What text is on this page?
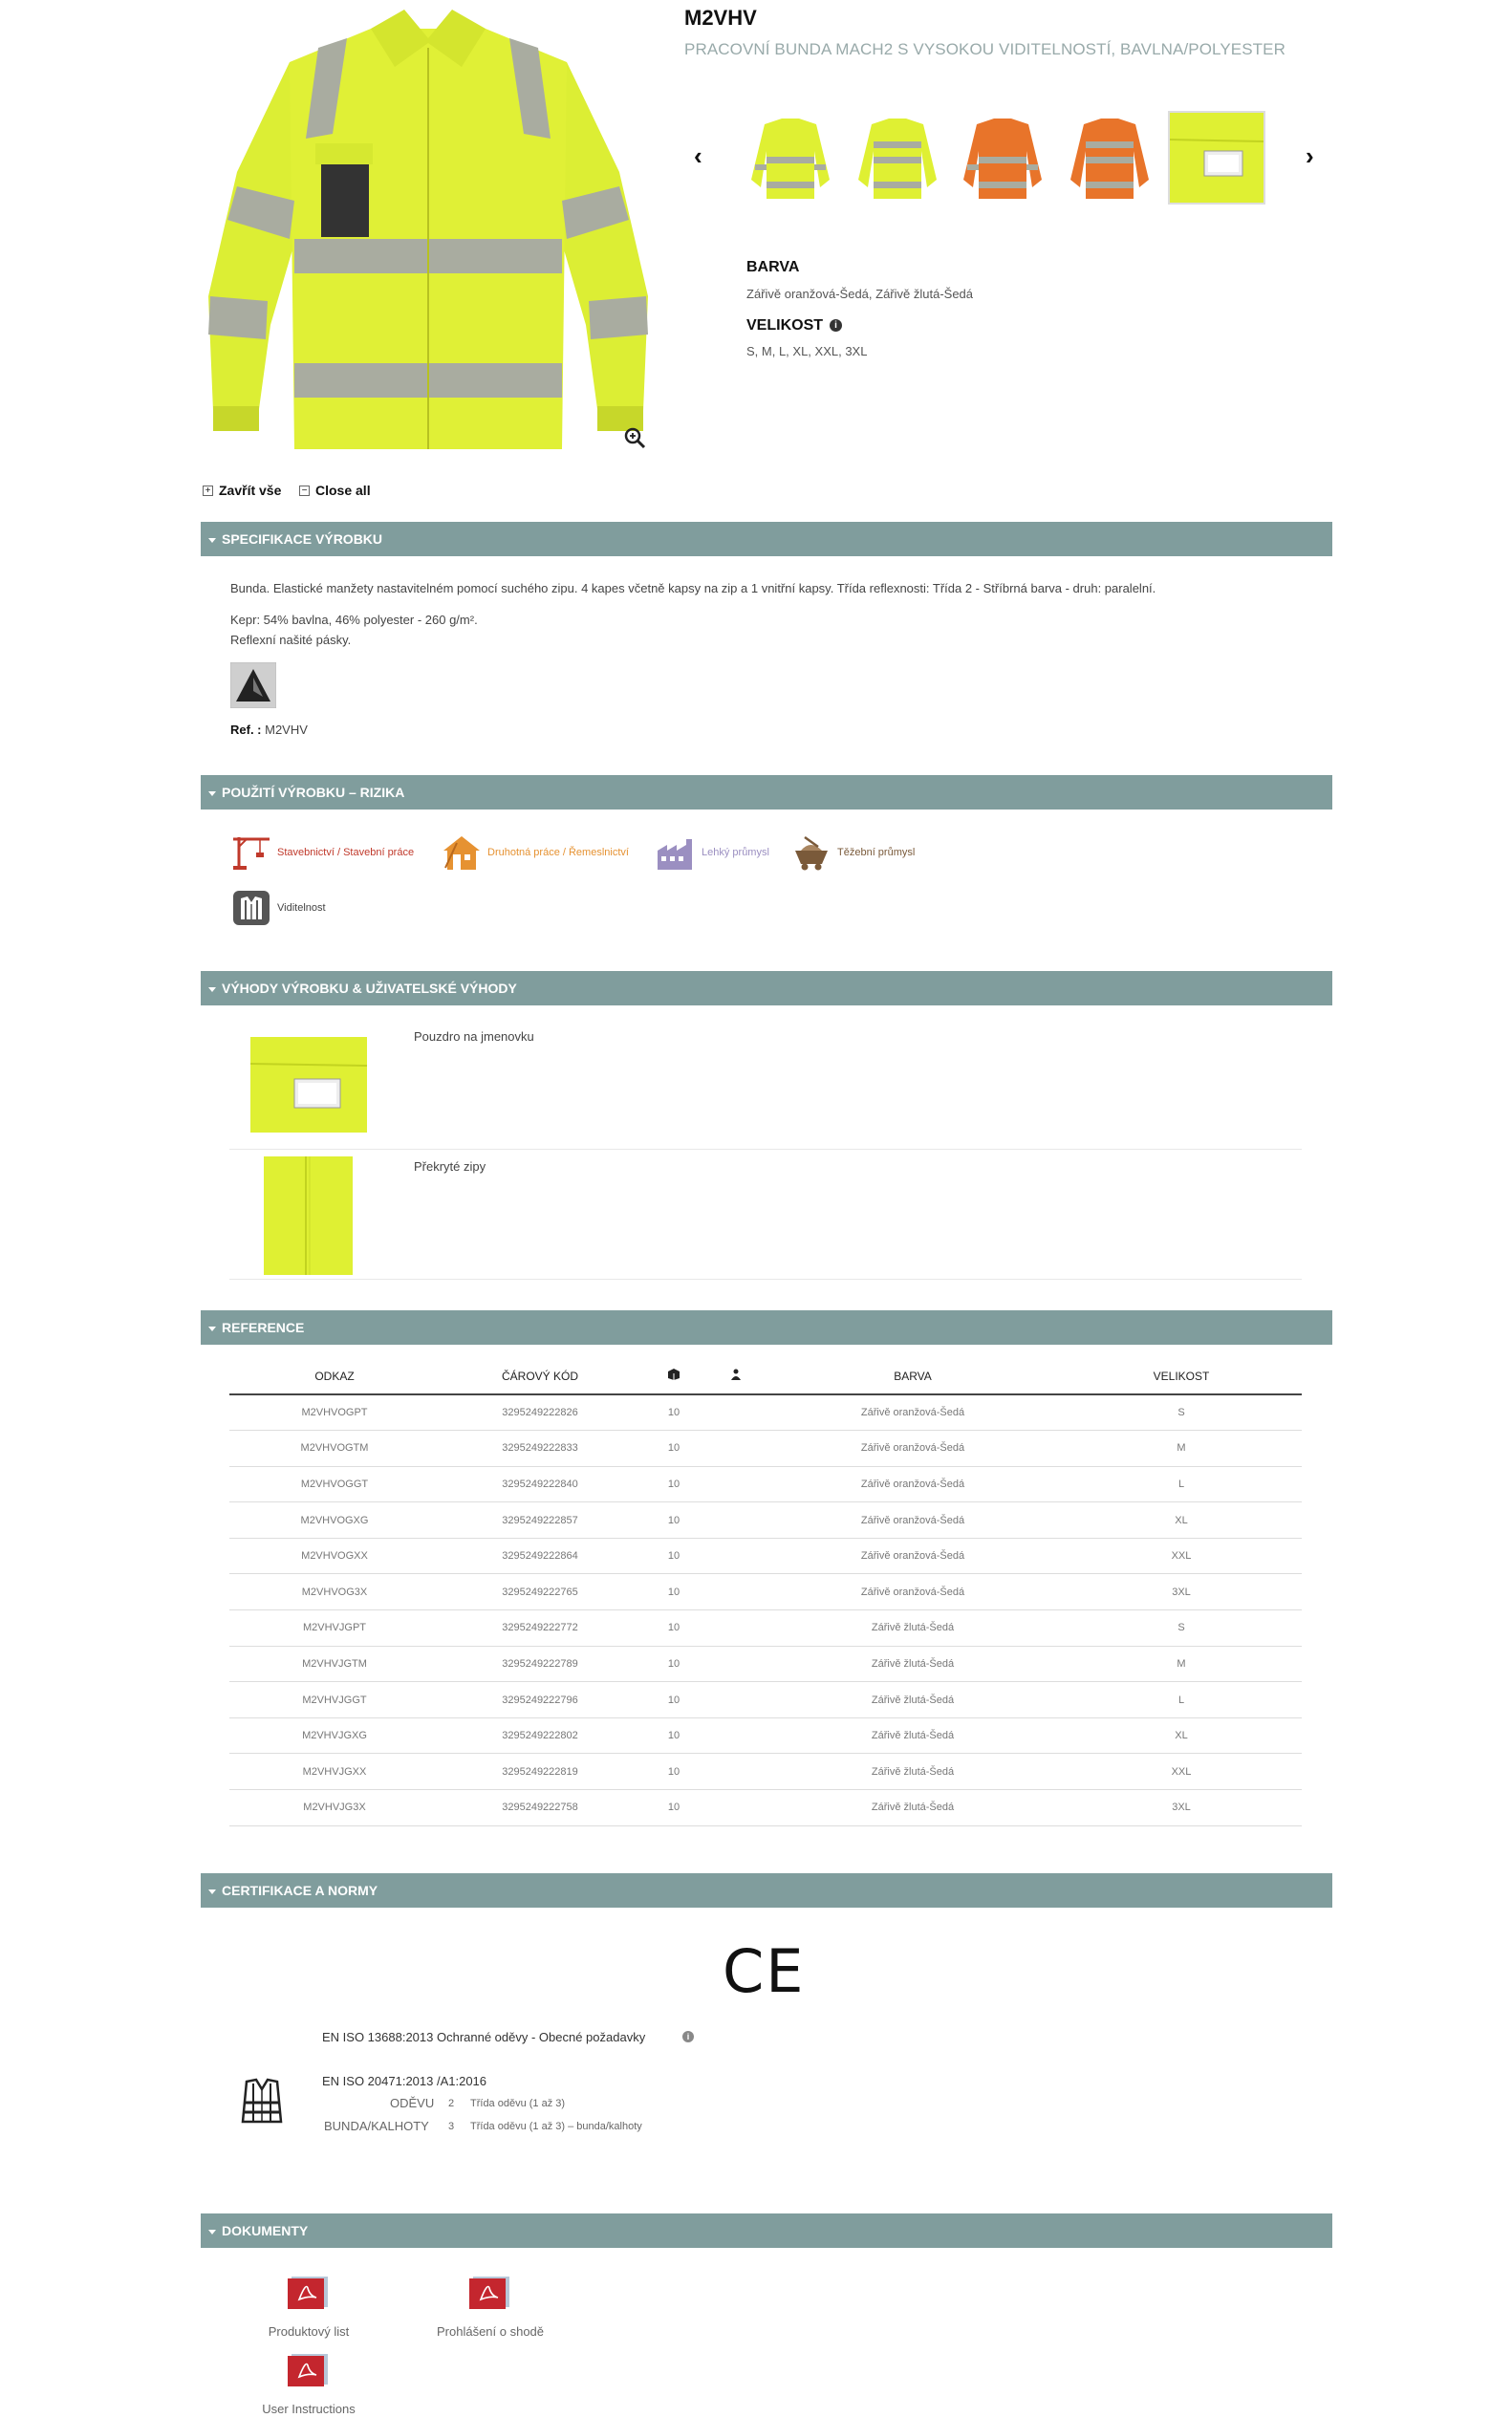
M2VHV
PRACOVNÍ BUNDA MACH2 S VYSOKOU VIDITELNOSTÍ, BAVLNA/POLYESTER
‹	›
BARVA
Zářivě oranžová-Šedá, Zářivě žlutá-Šedá
VELIKOST	i
S, M, L, XL, XXL, 3XL
+ Zavřít vše − Close all
SPECIFIKACE VÝROBKU
Bunda. Elastické manžety nastavitelném pomocí suchého zipu. 4 kapes včetně kapsy na zip a 1 vnitřní kapsy. Třída reflexnosti: Třída 2 - Stříbrná barva - druh: paralelní.
Kepr: 54% bavlna, 46% polyester - 260 g/m².
Reflexní našité pásky.
Ref. : M2VHV
POUŽITÍ VÝROBKU – RIZIKA
Stavebnictví / Stavební práce	Druhotná práce / Řemeslnictví	Lehký průmysl	Těžební průmysl
Viditelnost
VÝHODY VÝROBKU & UŽIVATELSKÉ VÝHODY
Pouzdro na jmenovku
Překryté zipy
REFERENCE
ODKAZ	ČÁROVÝ KÓD			BARVA	VELIKOST
M2VHVOGPT	3295249222826	10		Zářivě oranžová-Šedá	S
M2VHVOGTM	3295249222833	10		Zářivě oranžová-Šedá	M
M2VHVOGGT	3295249222840	10		Zářivě oranžová-Šedá	L
M2VHVOGXG	3295249222857	10		Zářivě oranžová-Šedá	XL
M2VHVOGXX	3295249222864	10		Zářivě oranžová-Šedá	XXL
M2VHVOG3X	3295249222765	10		Zářivě oranžová-Šedá	3XL
M2VHVJGPT	3295249222772	10		Zářivě žlutá-Šedá	S
M2VHVJGTM	3295249222789	10		Zářivě žlutá-Šedá	M
M2VHVJGGT	3295249222796	10		Zářivě žlutá-Šedá	L
M2VHVJGXG	3295249222802	10		Zářivě žlutá-Šedá	XL
M2VHVJGXX	3295249222819	10		Zářivě žlutá-Šedá	XXL
M2VHVJG3X	3295249222758	10		Zářivě žlutá-Šedá	3XL
CERTIFIKACE A NORMY
CE
EN ISO 13688:2013 Ochranné oděvy - Obecné požadavky	i
EN ISO 20471:2013 /A1:2016
ODĚVU 2 Třída oděvu (1 až 3)
BUNDA/KALHOTY 3 Třída oděvu (1 až 3) – bunda/kalhoty
DOKUMENTY
Produktový list	Prohlášení o shodě
User Instructions
